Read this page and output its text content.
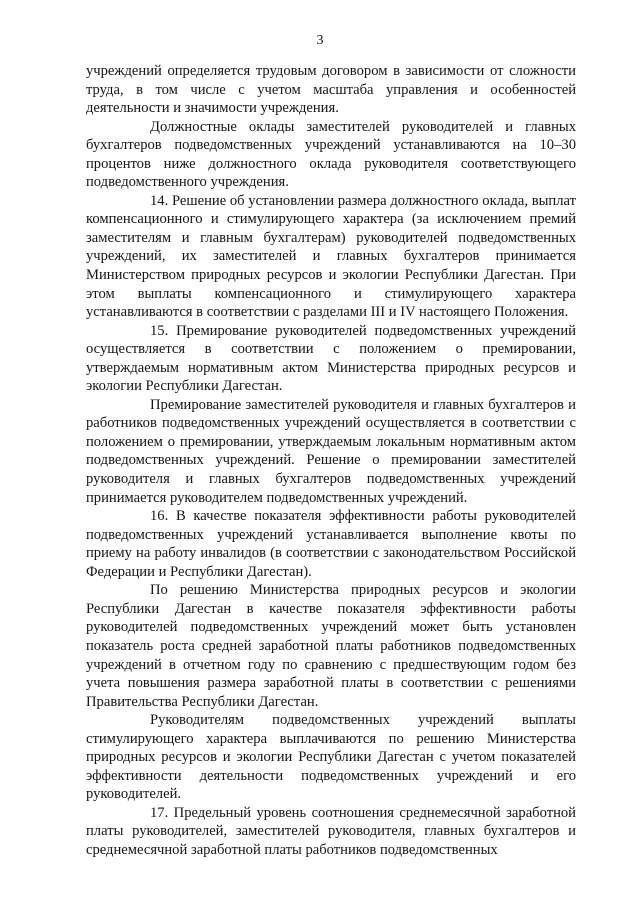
3

учреждений определяется трудовым договором в зависимости от сложности труда, в том числе с учетом масштаба управления и особенностей деятельности и значимости учреждения.

Должностные оклады заместителей руководителей и главных бухгалтеров подведомственных учреждений устанавливаются на 10–30 процентов ниже должностного оклада руководителя соответствующего подведомственного учреждения.

14. Решение об установлении размера должностного оклада, выплат компенсационного и стимулирующего характера (за исключением премий заместителям и главным бухгалтерам) руководителей подведомственных учреждений, их заместителей и главных бухгалтеров принимается Министерством природных ресурсов и экологии Республики Дагестан. При этом выплаты компенсационного и стимулирующего характера устанавливаются в соответствии с разделами III и IV настоящего Положения.

15. Премирование руководителей подведомственных учреждений осуществляется в соответствии с положением о премировании, утверждаемым нормативным актом Министерства природных ресурсов и экологии Республики Дагестан.

Премирование заместителей руководителя и главных бухгалтеров и работников подведомственных учреждений осуществляется в соответствии с положением о премировании, утверждаемым локальным нормативным актом подведомственных учреждений. Решение о премировании заместителей руководителя и главных бухгалтеров подведомственных учреждений принимается руководителем подведомственных учреждений.

16. В качестве показателя эффективности работы руководителей подведомственных учреждений устанавливается выполнение квоты по приему на работу инвалидов (в соответствии с законодательством Российской Федерации и Республики Дагестан).

По решению Министерства природных ресурсов и экологии Республики Дагестан в качестве показателя эффективности работы руководителей подведомственных учреждений может быть установлен показатель роста средней заработной платы работников подведомственных учреждений в отчетном году по сравнению с предшествующим годом без учета повышения размера заработной платы в соответствии с решениями Правительства Республики Дагестан.

Руководителям подведомственных учреждений выплаты стимулирующего характера выплачиваются по решению Министерства природных ресурсов и экологии Республики Дагестан с учетом показателей эффективности деятельности подведомственных учреждений и его руководителей.

17. Предельный уровень соотношения среднемесячной заработной платы руководителей, заместителей руководителя, главных бухгалтеров и среднемесячной заработной платы работников подведомственных
